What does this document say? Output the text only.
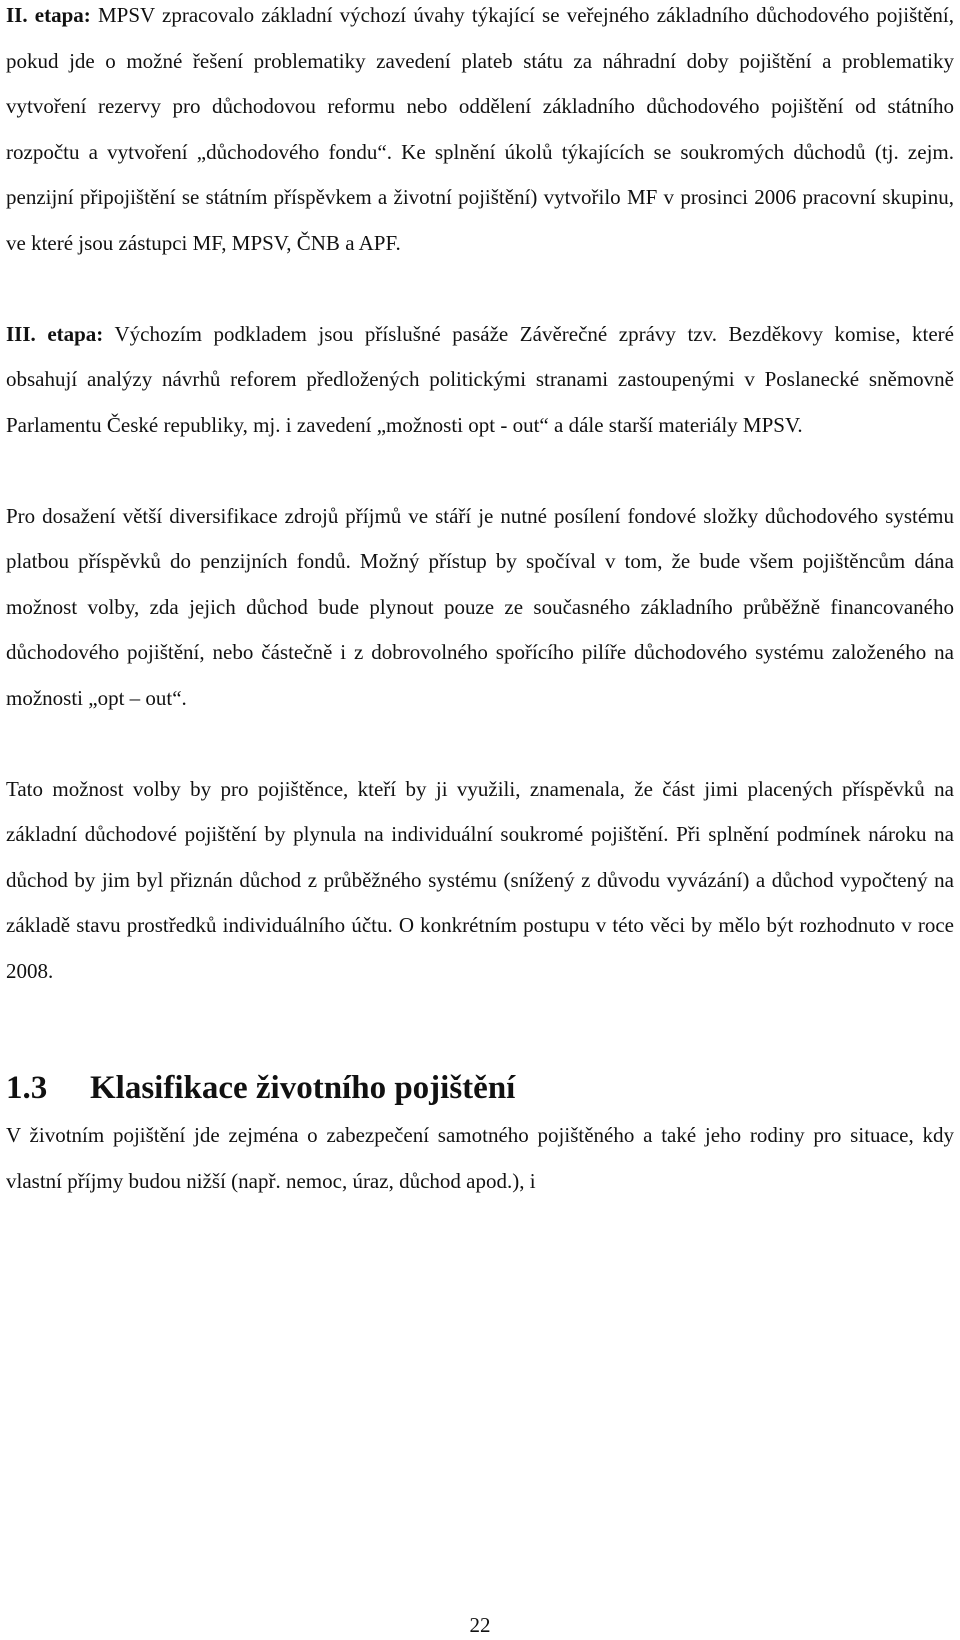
II. etapa: MPSV zpracovalo základní výchozí úvahy týkající se veřejného základního důchodového pojištění, pokud jde o možné řešení problematiky zavedení plateb státu za náhradní doby pojištění a problematiky vytvoření rezervy pro důchodovou reformu nebo oddělení základního důchodového pojištění od státního rozpočtu a vytvoření „důchodového fondu“. Ke splnění úkolů týkajících se soukromých důchodů (tj. zejm. penzijní připojištění se státním příspěvkem a životní pojištění) vytvořilo MF v prosinci 2006 pracovní skupinu, ve které jsou zástupci MF, MPSV, ČNB a APF.

III. etapa: Výchozím podkladem jsou příslušné pasáže Závěrečné zprávy tzv. Bezděkovy komise, které obsahují analýzy návrhů reforem předložených politickými stranami zastoupenými v Poslanecké sněmovně Parlamentu České republiky, mj. i zavedení „možnosti opt - out“ a dále starší materiály MPSV.

Pro dosažení větší diversifikace zdrojů příjmů ve stáří je nutné posílení fondové složky důchodového systému platbou příspěvků do penzijních fondů. Možný přístup by spočíval v tom, že bude všem pojištěncům dána možnost volby, zda jejich důchod bude plynout pouze ze současného základního průběžně financovaného důchodového pojištění, nebo částečně i z dobrovolného spořícího pilíře důchodového systému založeného na možnosti „opt – out“.

Tato možnost volby by pro pojištěnce, kteří by ji využili, znamenala, že část jimi placených příspěvků na základní důchodové pojištění by plynula na individuální soukromé pojištění. Při splnění podmínek nároku na důchod by jim byl přiznán důchod z průběžného systému (snížený z důvodu vyvázání) a důchod vypočtený na základě stavu prostředků individuálního účtu. O konkrétním postupu v této věci by mělo být rozhodnuto v roce 2008.

1.3	Klasifikace životního pojištění

V životním pojištění jde zejména o zabezpečení samotného pojištěného a také jeho rodiny pro situace, kdy vlastní příjmy budou nižší (např. nemoc, úraz, důchod apod.), i

22
